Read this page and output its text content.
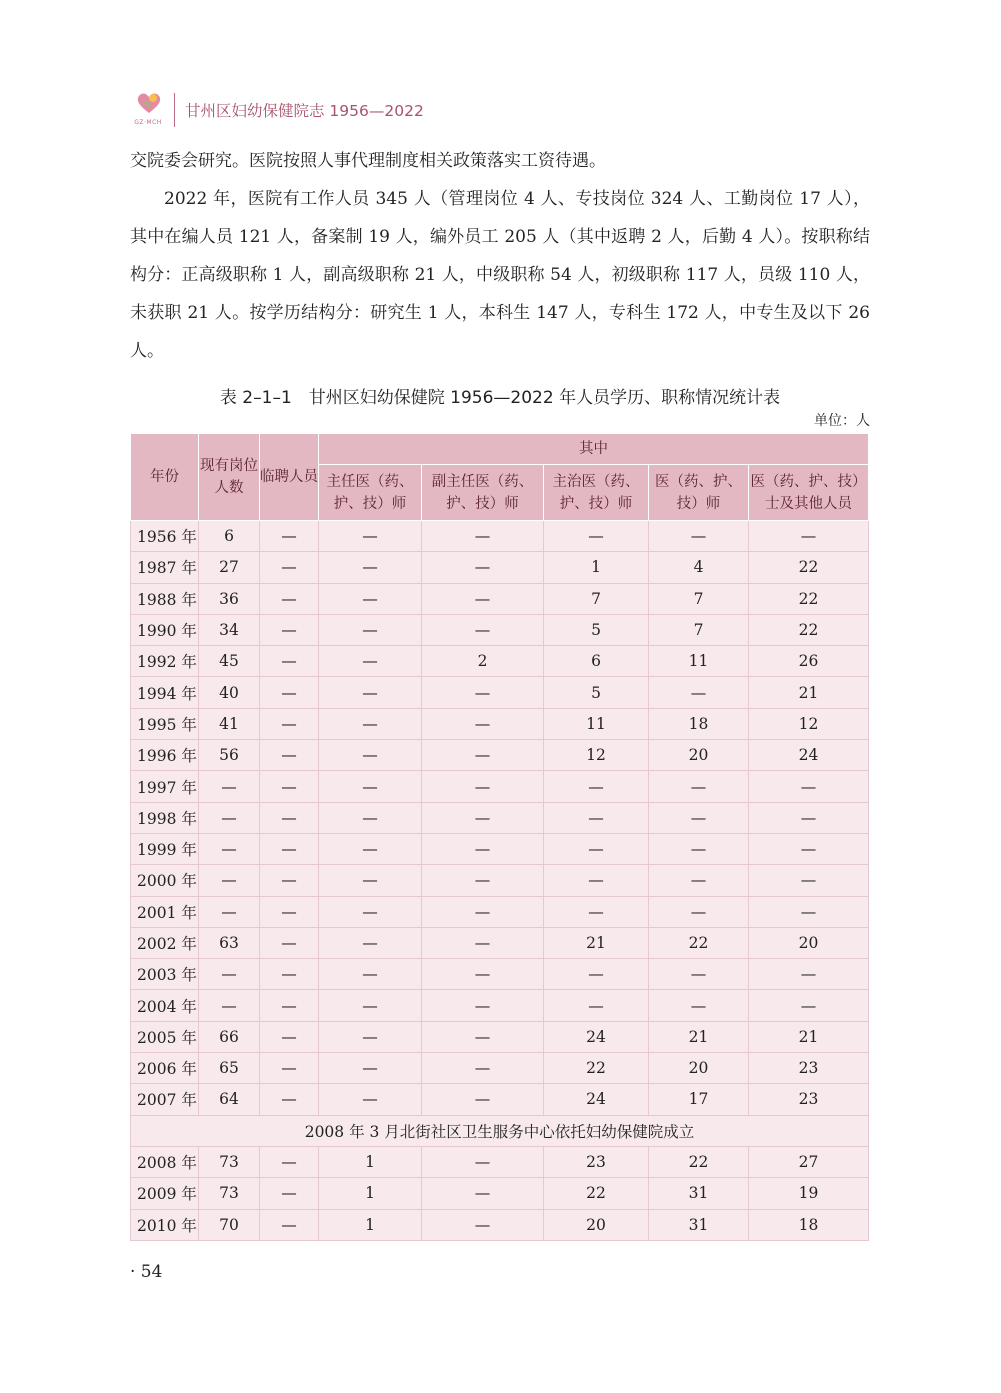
GZ·MCH
甘州区妇幼保健院志 1956—2022

交院委会研究。医院按照人事代理制度相关政策落实工资待遇。

2022 年，医院有工作人员 345 人（管理岗位 4 人、专技岗位 324 人、工勤岗位 17 人），其中在编人员 121 人，备案制 19 人，编外员工 205 人（其中返聘 2 人，后勤 4 人）。按职称结构分：正高级职称 1 人，副高级职称 21 人，中级职称 54 人，初级职称 117 人，员级 110 人，未获职 21 人。按学历结构分：研究生 1 人，本科生 147 人，专科生 172 人，中专生及以下 26 人。

表 2–1–1　甘州区妇幼保健院 1956—2022 年人员学历、职称情况统计表
单位：人
年份	现有岗位人数	临聘人员	其中				
			主任医（药、护、技）师	副主任医（药、护、技）师	主治医（药、护、技）师	医（药、护、技）师	医（药、护、技）士及其他人员
1956 年	6	—	—	—	—	—	—
1987 年	27	—	—	—	1	4	22
1988 年	36	—	—	—	7	7	22
1990 年	34	—	—	—	5	7	22
1992 年	45	—	—	2	6	11	26
1994 年	40	—	—	—	5	—	21
1995 年	41	—	—	—	11	18	12
1996 年	56	—	—	—	12	20	24
1997 年	—	—	—	—	—	—	—
1998 年	—	—	—	—	—	—	—
1999 年	—	—	—	—	—	—	—
2000 年	—	—	—	—	—	—	—
2001 年	—	—	—	—	—	—	—
2002 年	63	—	—	—	21	22	20
2003 年	—	—	—	—	—	—	—
2004 年	—	—	—	—	—	—	—
2005 年	66	—	—	—	24	21	21
2006 年	65	—	—	—	22	20	23
2007 年	64	—	—	—	24	17	23
2008 年 3 月北街社区卫生服务中心依托妇幼保健院成立							
2008 年	73	—	1	—	23	22	27
2009 年	73	—	1	—	22	31	19
2010 年	70	—	1	—	20	31	18
· 54
